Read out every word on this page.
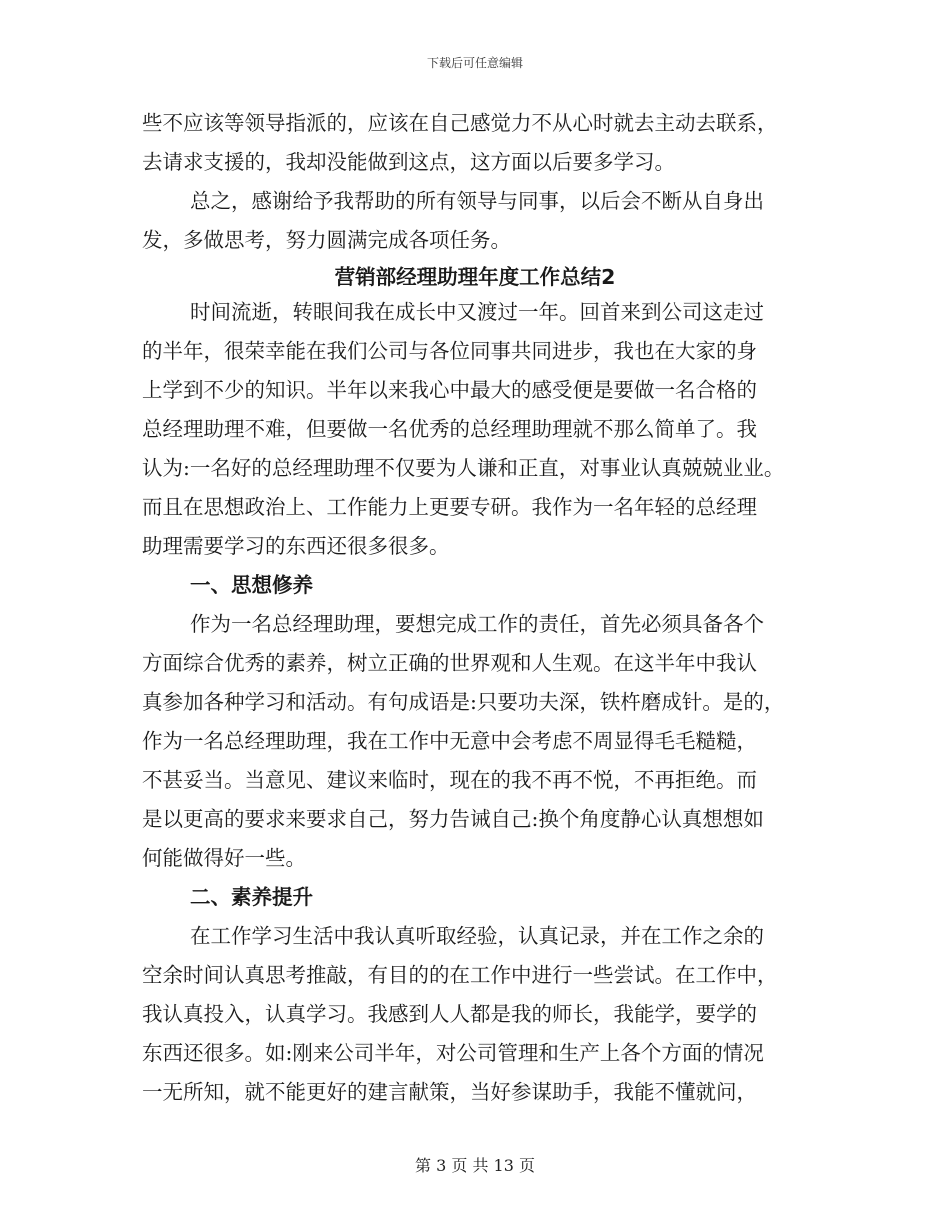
下载后可任意编辑
些不应该等领导指派的，应该在自己感觉力不从心时就去主动去联系，
去请求支援的，我却没能做到这点，这方面以后要多学习。
总之，感谢给予我帮助的所有领导与同事，以后会不断从自身出
发，多做思考，努力圆满完成各项任务。
营销部经理助理年度工作总结2
时间流逝，转眼间我在成长中又渡过一年。回首来到公司这走过
的半年，很荣幸能在我们公司与各位同事共同进步，我也在大家的身
上学到不少的知识。半年以来我心中最大的感受便是要做一名合格的
总经理助理不难，但要做一名优秀的总经理助理就不那么简单了。我
认为:一名好的总经理助理不仅要为人谦和正直，对事业认真兢兢业业。
而且在思想政治上、工作能力上更要专研。我作为一名年轻的总经理
助理需要学习的东西还很多很多。
一、思想修养
作为一名总经理助理，要想完成工作的责任，首先必须具备各个
方面综合优秀的素养，树立正确的世界观和人生观。在这半年中我认
真参加各种学习和活动。有句成语是:只要功夫深，铁杵磨成针。是的，
作为一名总经理助理，我在工作中无意中会考虑不周显得毛毛糙糙，
不甚妥当。当意见、建议来临时，现在的我不再不悦，不再拒绝。而
是以更高的要求来要求自己，努力告诫自己:换个角度静心认真想想如
何能做得好一些。
二、素养提升
在工作学习生活中我认真听取经验，认真记录，并在工作之余的
空余时间认真思考推敲，有目的的在工作中进行一些尝试。在工作中，
我认真投入，认真学习。我感到人人都是我的师长，我能学，要学的
东西还很多。如:刚来公司半年，对公司管理和生产上各个方面的情况
一无所知，就不能更好的建言献策，当好参谋助手，我能不懂就问，
第 3 页 共 13 页
